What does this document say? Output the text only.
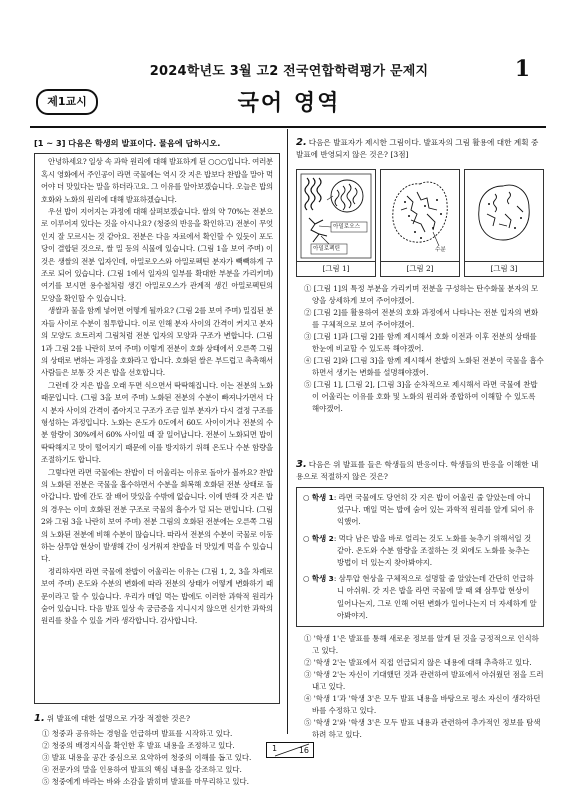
2024학년도 3월 고2 전국연합학력평가 문제지	1
제1교시	국어 영역
[1 ~ 3] 다음은 학생의 발표이다. 물음에 답하시오.

안녕하세요? 일상 속 과학 원리에 대해 발표하게 된 ○○○입니다. 여러분 혹시 영화에서 주인공이 라면 국물에는 역시 갓 지은 밥보다 찬밥을 말아 먹어야 더 맛있다는 말을 하더라고요. 그 이유를 알아보겠습니다. 오늘은 밥의 호화와 노화의 원리에 대해 발표하겠습니다.

우선 밥이 지어지는 과정에 대해 살펴보겠습니다. 쌀의 약 70%는 전분으로 이루어져 있다는 것을 아시나요? (청중의 반응을 확인하고) 전분이 무엇인지 잘 모르시는 것 같아요. 전분은 다음 자료에서 확인할 수 있듯이 포도당이 결합된 것으로, 쌀 밀 등의 식물에 있습니다. (그림 1을 보여 주며) 이것은 생쌀의 전분 입자인데, 아밀로오스와 아밀로펙틴 분자가 빽빽하게 구조로 되어 있습니다. (그림 1에서 일자의 일부를 확대한 부분을 가리키며) 여기를 보시면 용수철처럼 생긴 아밀로오스가 관계적 생긴 아밀로펙틴의 모양을 확인할 수 있습니다.

생쌀과 물을 함께 넣어면 어떻게 될까요? (그림 2를 보여 주며) 밀집된 분자들 사이로 수분이 침투합니다. 이로 인해 분자 사이의 간격이 커지고 분자의 모양도 흐트러져 그림처럼 전분 입자의 모양과 구조가 변합니다. (그림 1과 그림 2를 나란히 보여 주며) 이렇게 전분이 호화 상태에서 오른쪽 그림의 상태로 변하는 과정을 호화라고 합니다. 호화된 쌀은 부드럽고 촉촉해서 사람들은 보통 갓 지은 밥을 선호합니다.

그런데 갓 지은 밥을 오래 두면 식으면서 딱딱해집니다. 이는 전분의 노화 때문입니다. (그림 3을 보여 주며) 노화된 전분의 수분이 빠져나가면서 다시 분자 사이의 간격이 좁아지고 구조가 조금 일부 분자가 다시 결정 구조를 형성하는 과정입니다. 노화는 온도가 0도에서 60도 사이이거나 전분의 수분 함량이 30%에서 60% 사이일 때 잘 일어납니다. 전분이 노화되면 밥이 딱딱해지고 맛이 떨어지기 때문에 이를 방지하기 위해 온도나 수분 함량을 조절하기도 합니다.

그렇다면 라면 국물에는 찬밥이 더 어울리는 이유로 돌아가 볼까요? 찬밥의 노화된 전분은 국물을 흡수하면서 수분을 회복해 호화된 전분 상태로 돌아갑니다. 밥에 간도 잘 배어 맛있을 수밖에 없습니다. 이에 반해 갓 지은 밥의 경우는 이미 호화된 전분 구조로 국물의 흡수가 덜 되는 편입니다. (그림 2와 그림 3을 나란히 보여 주며) 전분 그림의 호화된 전분에는 오른쪽 그림의 노화된 전분에 비해 수분이 많습니다. 따라서 전분의 수분이 국물로 이동하는 삼투압 현상이 발생해 간이 싱거워져 찬밥을 더 맛있게 먹을 수 있습니다.

정리하자면 라면 국물에 찬밥이 어울리는 이유는 (그림 1, 2, 3을 차례로 보여 주며) 온도와 수분의 변화에 따라 전분의 상태가 어떻게 변화하기 때문이라고 할 수 있습니다. 우리가 매일 먹는 밥에도 이러한 과학적 원리가 숨어 있습니다. 다음 발표 일상 속 궁금증을 지니시지 않으면 신기한 과학의 원리를 찾을 수 있을 거라 생각합니다. 감사합니다.

1. 위 발표에 대한 설명으로 가장 적절한 것은?
① 청중과 공유하는 경험을 언급하며 발표를 시작하고 있다.
② 청중의 배경지식을 확인한 후 발표 내용을 조정하고 있다.
③ 발표 내용을 공간 중심으로 요약하여 청중의 이해를 돕고 있다.
④ 전문가의 말을 인용하여 발표의 핵심 내용을 강조하고 있다.
⑤ 청중에게 바라는 바와 소감을 밝히며 발표를 마무리하고 있다.
2. 다음은 발표자가 제시한 그림이다. 발표자의 그림 활용에 대한 계획 중 발표에 반영되지 않은 것은? [3점]
아밀로오스
아밀로펙틴
[그림 1]
수분
[그림 2]	[그림 3]
① [그림 1]의 특정 부분을 가리키며 전분을 구성하는 탄수화물 분자의 모양을 상세하게 보여 주어야겠어.
② [그림 2]를 활용하여 전분의 호화 과정에서 나타나는 전분 입자의 변화를 구체적으로 보여 주어야겠어.
③ [그림 1]과 [그림 2]를 함께 제시해서 호화 이전과 이후 전분의 상태를 한눈에 비교할 수 있도록 해야겠어.
④ [그림 2]와 [그림 3]을 함께 제시해서 찬밥의 노화된 전분이 국물을 흡수하면서 생기는 변화를 설명해야겠어.
⑤ [그림 1], [그림 2], [그림 3]을 순차적으로 제시해서 라면 국물에 찬밥이 어울리는 이유를 호화 및 노화의 원리와 종합하여 이해할 수 있도록 해야겠어.
3. 다음은 위 발표를 들은 학생들의 반응이다. 학생들의 반응을 이해한 내용으로 적절하지 않은 것은?
○ 학생 1: 라면 국물에도 당연히 갓 지은 밥이 어울린 줄 알았는데 아니었구나. 매일 먹는 밥에 숨어 있는 과학적 원리를 알게 되어 유익했어.
○ 학생 2: 먹다 남은 밥을 바로 얼리는 것도 노화를 늦추기 위해서일 것 같아. 온도와 수분 함량을 조절하는 것 외에도 노화를 늦추는 방법이 더 있는지 찾아봐야지.
○ 학생 3: 삼투압 현상을 구체적으로 설명할 줄 알았는데 간단히 언급하니 아쉬워. 갓 지은 밥을 라면 국물에 말 때 왜 삼투압 현상이 일어나는지, 그로 인해 어떤 변화가 일어나는지 더 자세하게 알아봐야지.
① '학생 1'은 발표를 통해 새로운 정보를 알게 된 것을 긍정적으로 인식하고 있다.
② '학생 2'는 발표에서 직접 언급되지 않은 내용에 대해 추측하고 있다.
③ '학생 2'는 자신이 기대했던 것과 관련하여 발표에서 아쉬웠던 점을 드러내고 있다.
④ '학생 1'과 '학생 3'은 모두 발표 내용을 바탕으로 평소 자신이 생각하던 바를 수정하고 있다.
⑤ '학생 2'와 '학생 3'은 모두 발표 내용과 관련하여 추가적인 정보를 탐색하려 하고 있다.
1	16
